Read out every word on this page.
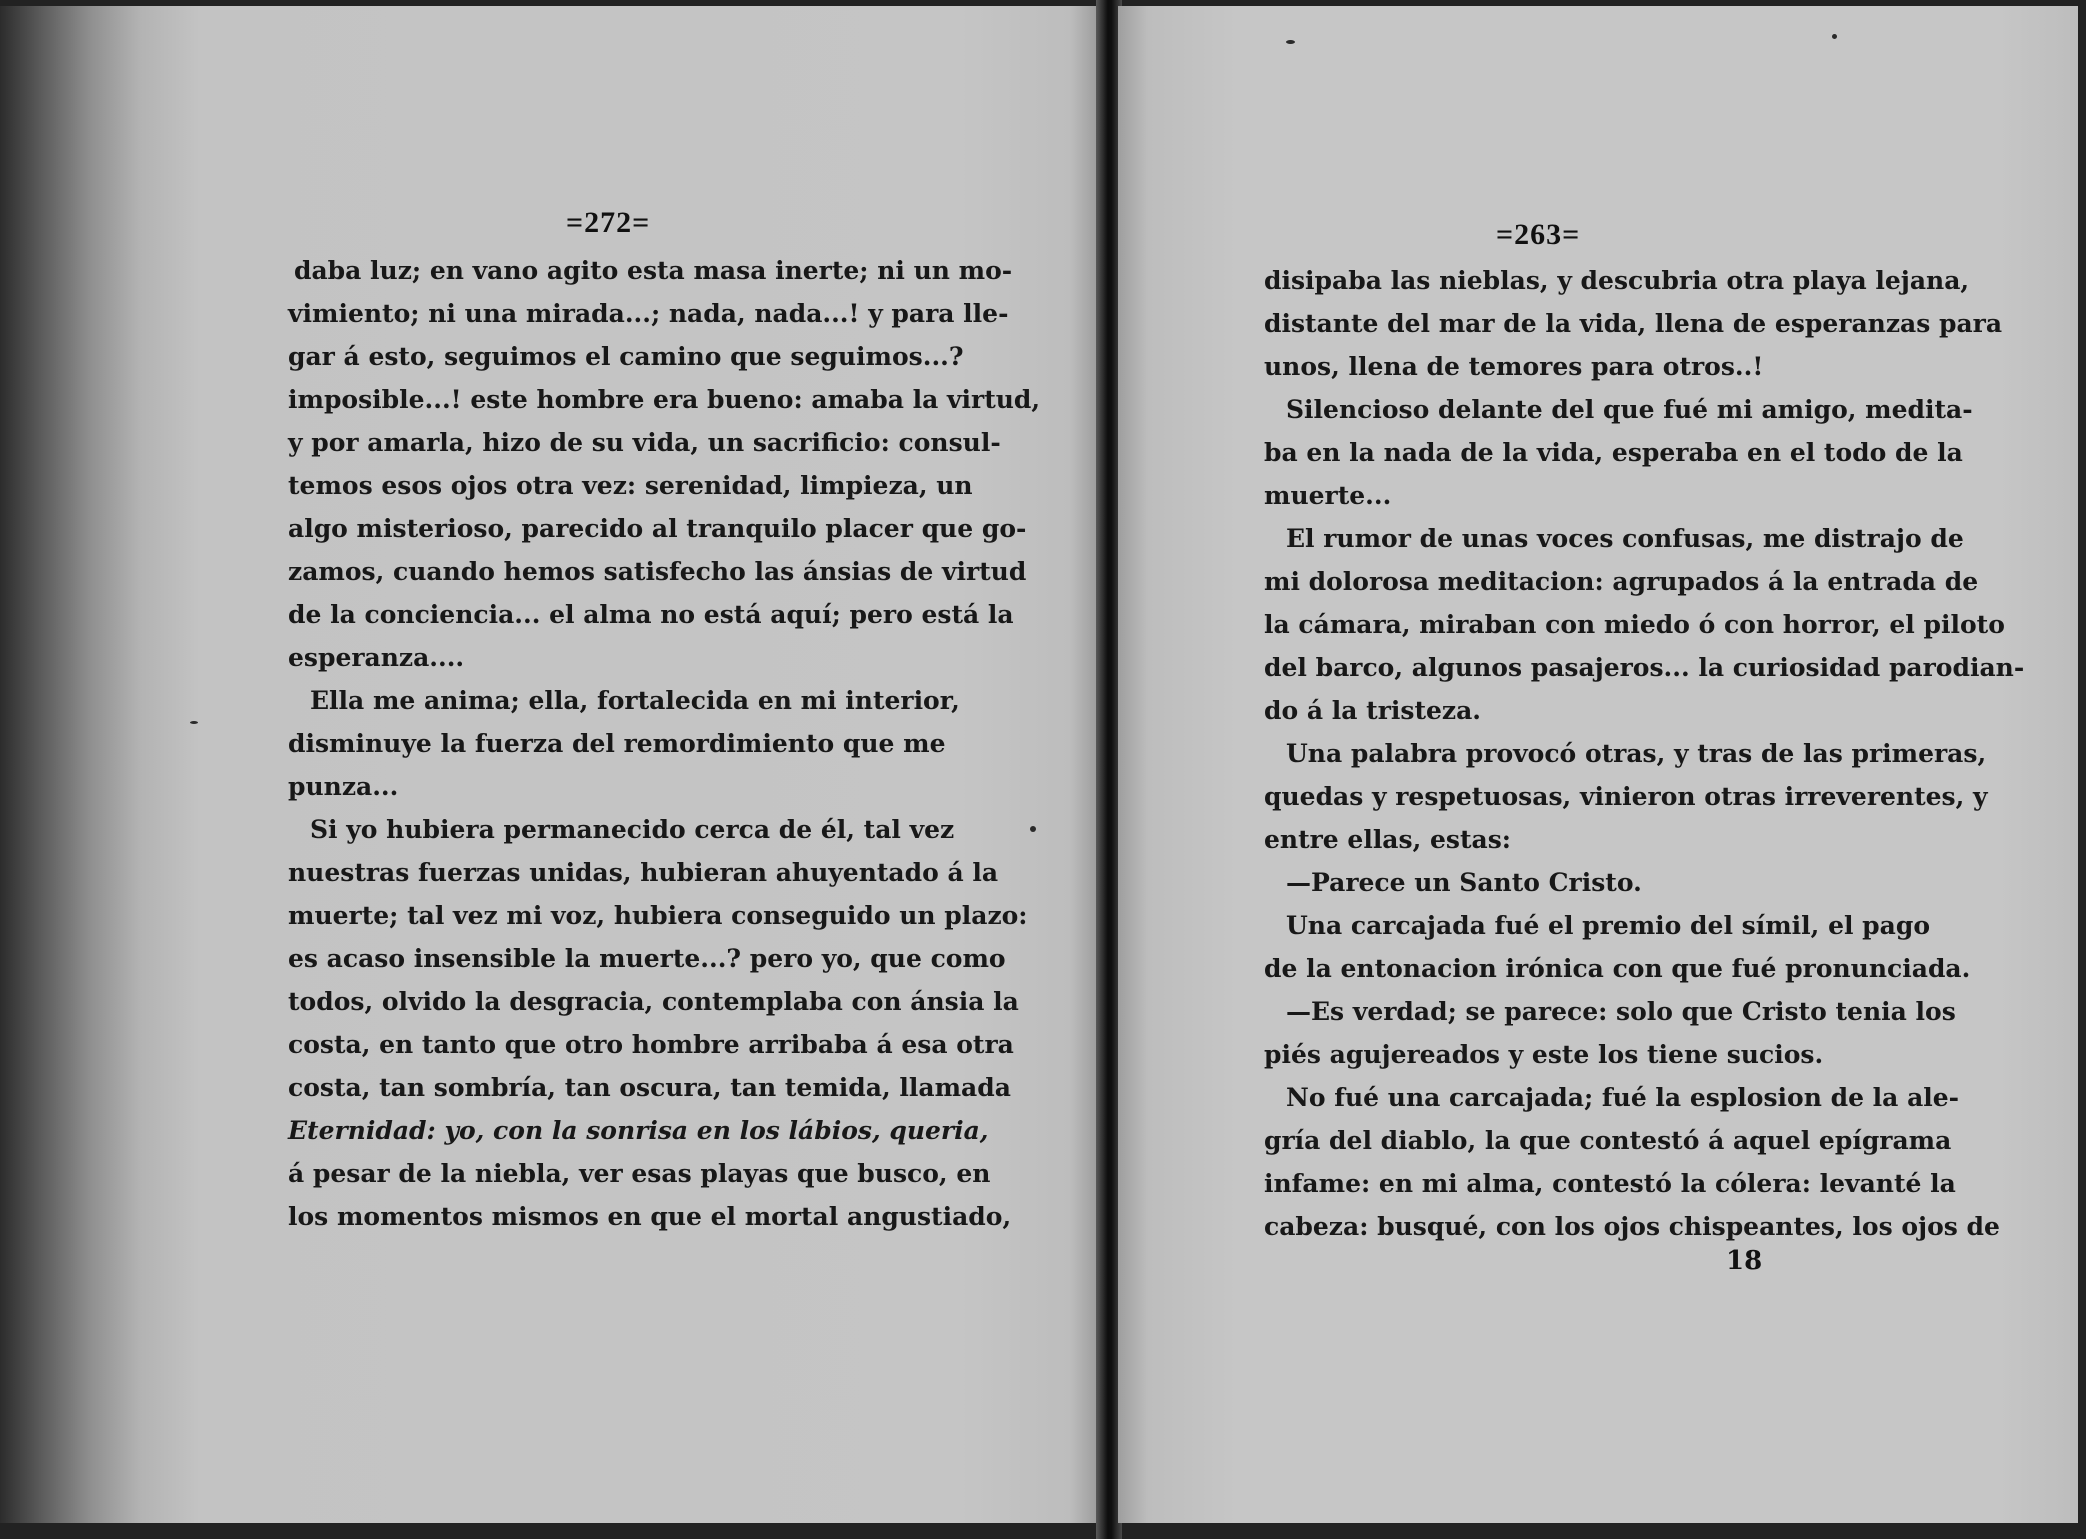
=272=
daba luz; en vano agito esta masa inerte; ni un mo-
vimiento; ni una mirada...; nada, nada...! y para lle-
gar á esto, seguimos el camino que seguimos...?
imposible...! este hombre era bueno: amaba la virtud,
y por amarla, hizo de su vida, un sacrificio: consul-
temos esos ojos otra vez: serenidad, limpieza, un
algo misterioso, parecido al tranquilo placer que go-
zamos, cuando hemos satisfecho las ánsias de virtud
de la conciencia... el alma no está aquí; pero está la
esperanza....
Ella me anima; ella, fortalecida en mi interior,
disminuye la fuerza del remordimiento que me
punza...
Si yo hubiera permanecido cerca de él, tal vez
nuestras fuerzas unidas, hubieran ahuyentado á la
muerte; tal vez mi voz, hubiera conseguido un plazo:
es acaso insensible la muerte...? pero yo, que como
todos, olvido la desgracia, contemplaba con ánsia la
costa, en tanto que otro hombre arribaba á esa otra
costa, tan sombría, tan oscura, tan temida, llamada
Eternidad: yo, con la sonrisa en los lábios, queria,
á pesar de la niebla, ver esas playas que busco, en
los momentos mismos en que el mortal angustiado,
=263=
disipaba las nieblas, y descubria otra playa lejana,
distante del mar de la vida, llena de esperanzas para
unos, llena de temores para otros..!
Silencioso delante del que fué mi amigo, medita-
ba en la nada de la vida, esperaba en el todo de la
muerte...
El rumor de unas voces confusas, me distrajo de
mi dolorosa meditacion: agrupados á la entrada de
la cámara, miraban con miedo ó con horror, el piloto
del barco, algunos pasajeros... la curiosidad parodian-
do á la tristeza.
Una palabra provocó otras, y tras de las primeras,
quedas y respetuosas, vinieron otras irreverentes, y
entre ellas, estas:
—Parece un Santo Cristo.
Una carcajada fué el premio del símil, el pago
de la entonacion irónica con que fué pronunciada.
—Es verdad; se parece: solo que Cristo tenia los
piés agujereados y este los tiene sucios.
No fué una carcajada; fué la esplosion de la ale-
gría del diablo, la que contestó á aquel epígrama
infame: en mi alma, contestó la cólera: levanté la
cabeza: busqué, con los ojos chispeantes, los ojos de
18
